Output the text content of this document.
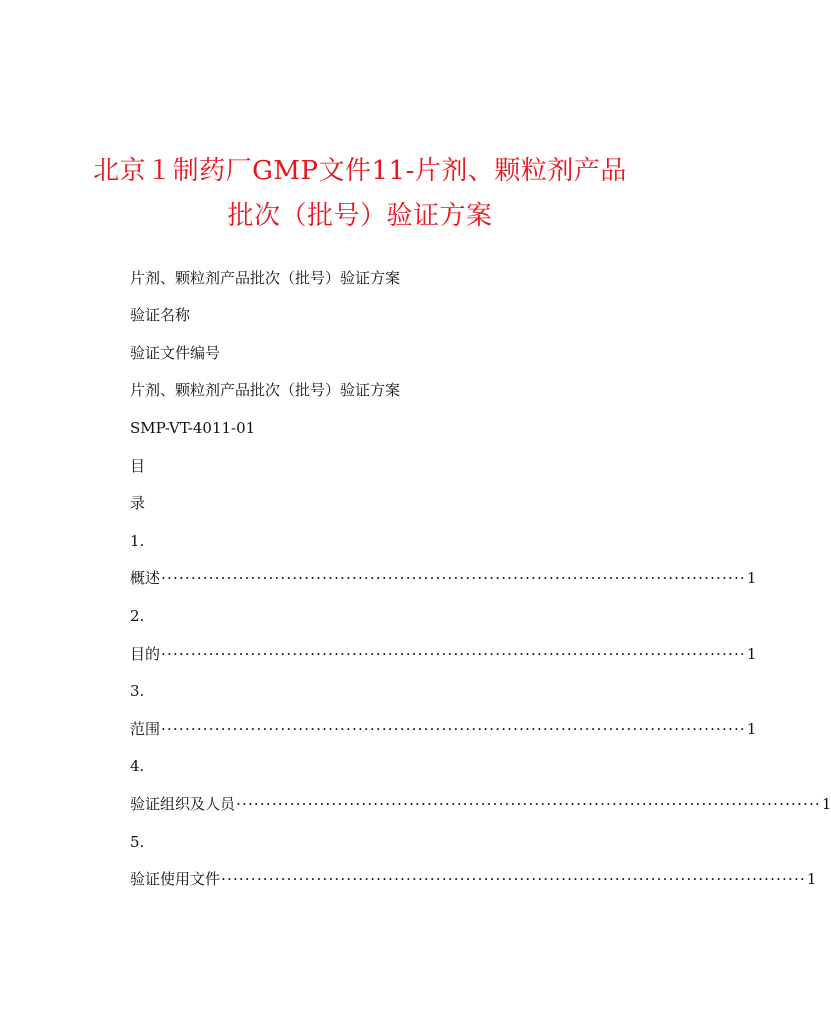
北京１制药厂GMP文件11-片剂、颗粒剂产品
批次（批号）验证方案
片剂、颗粒剂产品批次（批号）验证方案
验证名称
验证文件编号
片剂、颗粒剂产品批次（批号）验证方案
SMP-VT-4011-01
目
录
1.
概述 ·································································································· 1
2.
目的 ·································································································· 1
3.
范围 ·································································································· 1
4.
验证组织及人员 ·································································································· 1
5.
验证使用文件 ·································································································· 1
